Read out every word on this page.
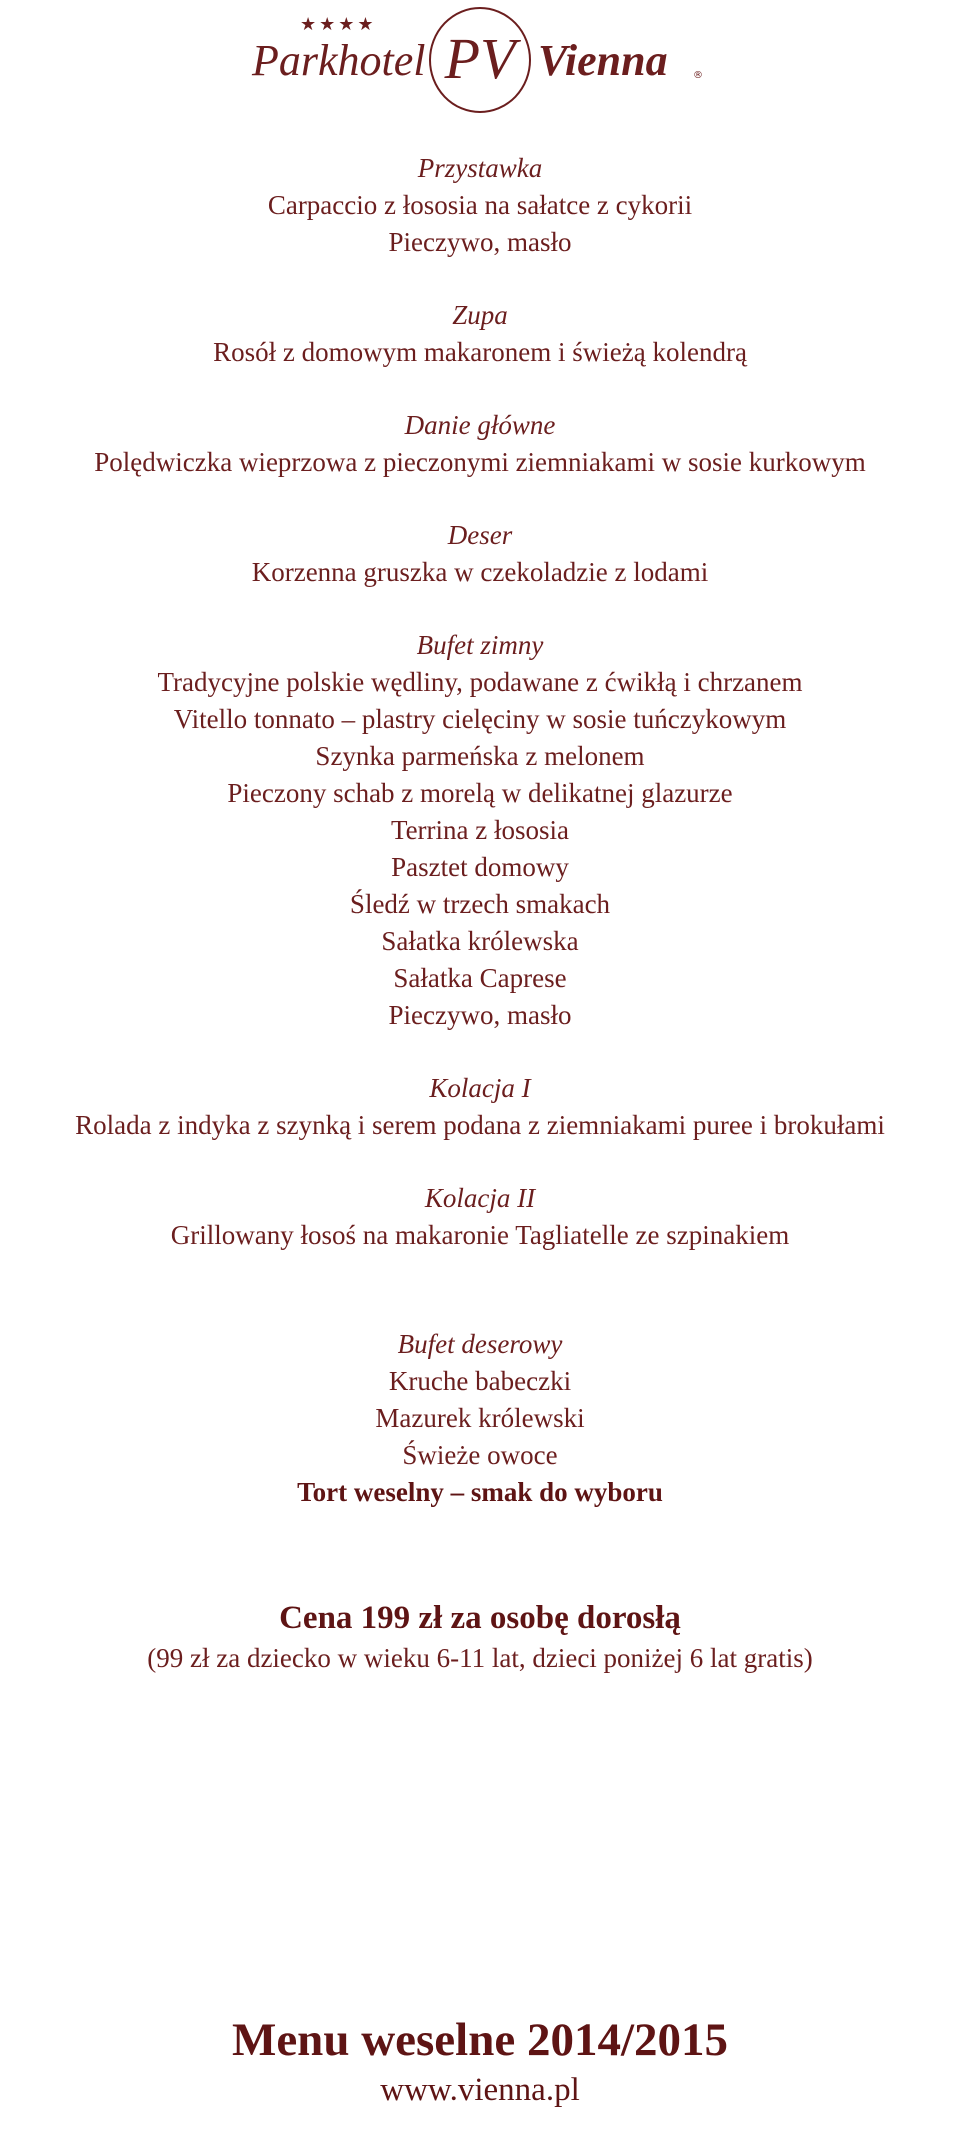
★★★★
Parkhotel PV Vienna	®
Przystawka
Carpaccio z łososia na sałatce z cykorii
Pieczywo, masło
Zupa
Rosół z domowym makaronem i świeżą kolendrą
Danie główne
Polędwiczka wieprzowa z pieczonymi ziemniakami w sosie kurkowym
Deser
Korzenna gruszka w czekoladzie z lodami
Bufet zimny
Tradycyjne polskie wędliny, podawane z ćwikłą i chrzanem
Vitello tonnato – plastry cielęciny w sosie tuńczykowym
Szynka parmeńska z melonem
Pieczony schab z morelą w delikatnej glazurze
Terrina z łososia
Pasztet domowy
Śledź w trzech smakach
Sałatka królewska
Sałatka Caprese
Pieczywo, masło
Kolacja I
Rolada z indyka z szynką i serem podana z ziemniakami puree i brokułami
Kolacja II
Grillowany łosoś na makaronie Tagliatelle ze szpinakiem
Bufet deserowy
Kruche babeczki
Mazurek królewski
Świeże owoce
Tort weselny – smak do wyboru
Cena 199 zł za osobę dorosłą
(99 zł za dziecko w wieku 6-11 lat, dzieci poniżej 6 lat gratis)
Menu weselne 2014/2015
www.vienna.pl
